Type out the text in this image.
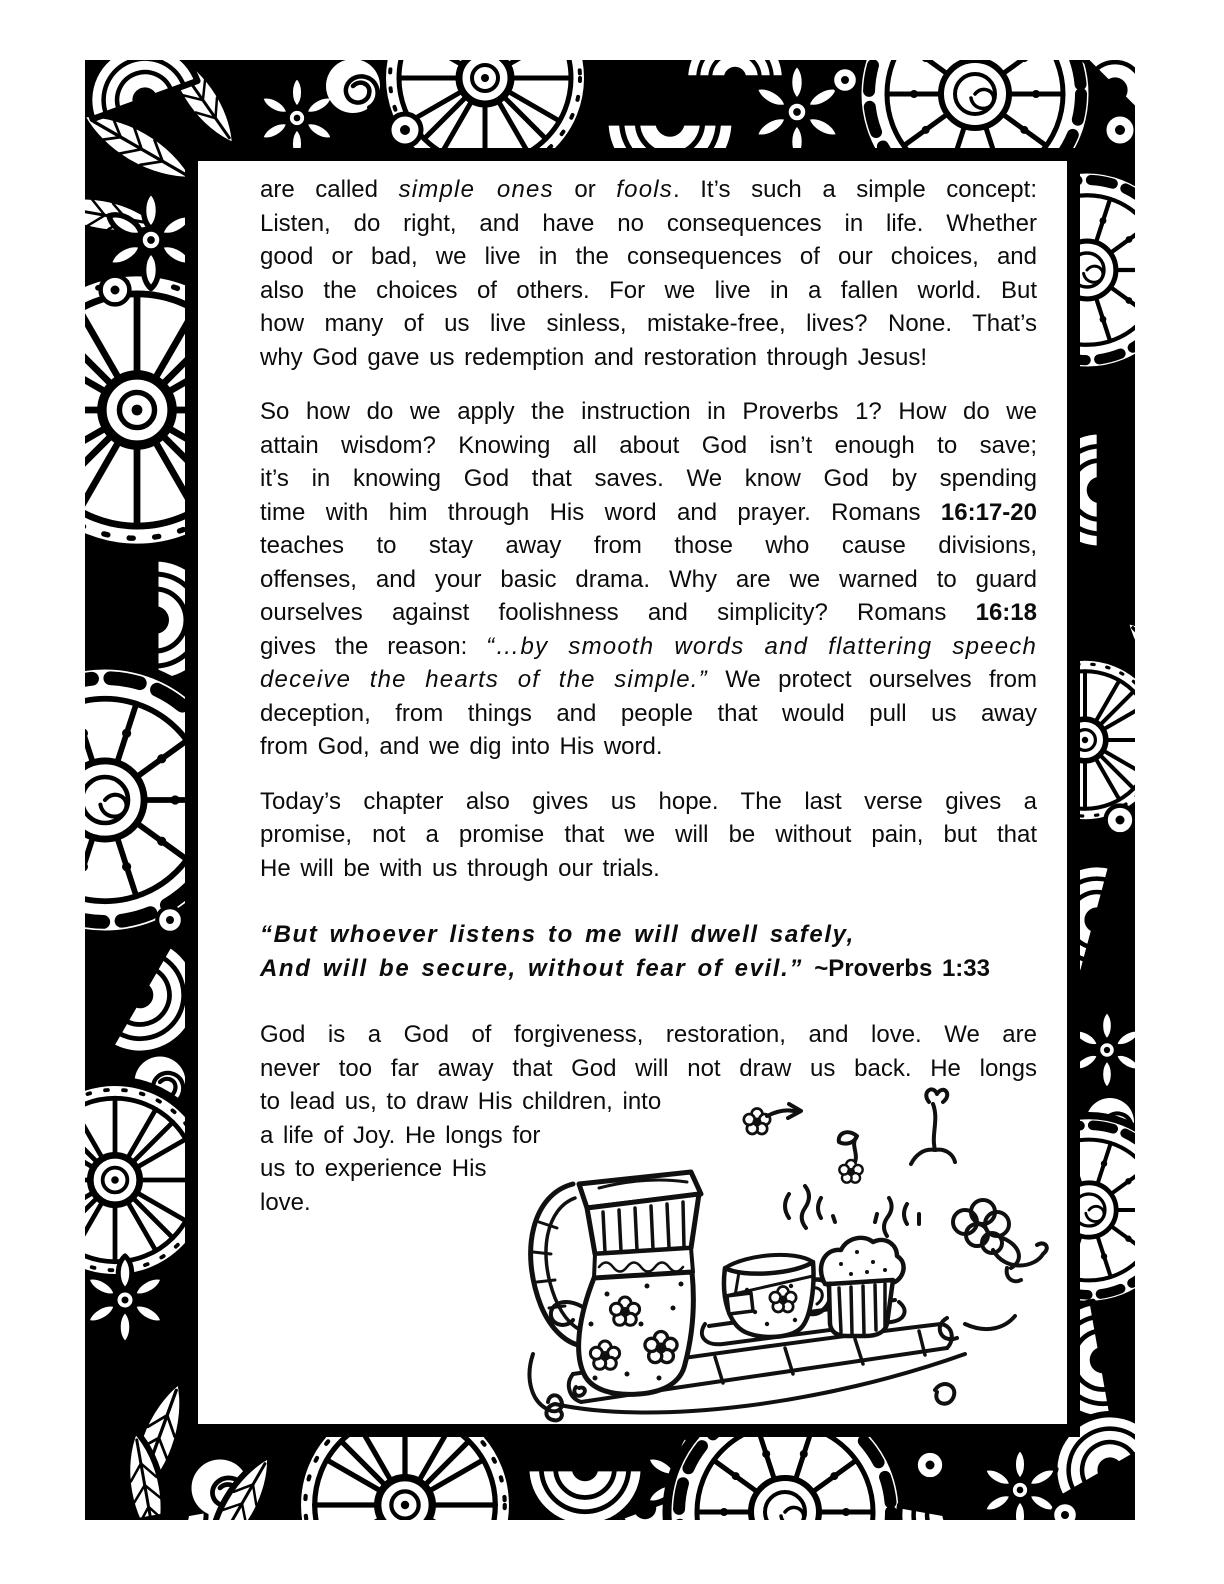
are called simple ones or fools. It’s such a simple concept:
Listen, do right, and have no consequences in life. Whether
good or bad, we live in the consequences of our choices, and
also the choices of others. For we live in a fallen world. But
how many of us live sinless, mistake-free, lives? None. That’s
why God gave us redemption and restoration through Jesus!
So how do we apply the instruction in Proverbs 1? How do we
attain wisdom? Knowing all about God isn’t enough to save;
it’s in knowing God that saves. We know God by spending
time with him through His word and prayer. Romans 16:17-20
teaches to stay away from those who cause divisions,
offenses, and your basic drama. Why are we warned to guard
ourselves against foolishness and simplicity? Romans 16:18
gives the reason: “…by smooth words and flattering speech
deceive the hearts of the simple.” We protect ourselves from
deception, from things and people that would pull us away
from God, and we dig into His word.
Today’s chapter also gives us hope. The last verse gives a
promise, not a promise that we will be without pain, but that
He will be with us through our trials.
“But whoever listens to me will dwell safely,
And will be secure, without fear of evil.” ~Proverbs 1:33
God is a God of forgiveness, restoration, and love. We are
never too far away that God will not draw us back. He longs
to lead us, to draw His children, into
a life of Joy. He longs for
us to experience His
love.
